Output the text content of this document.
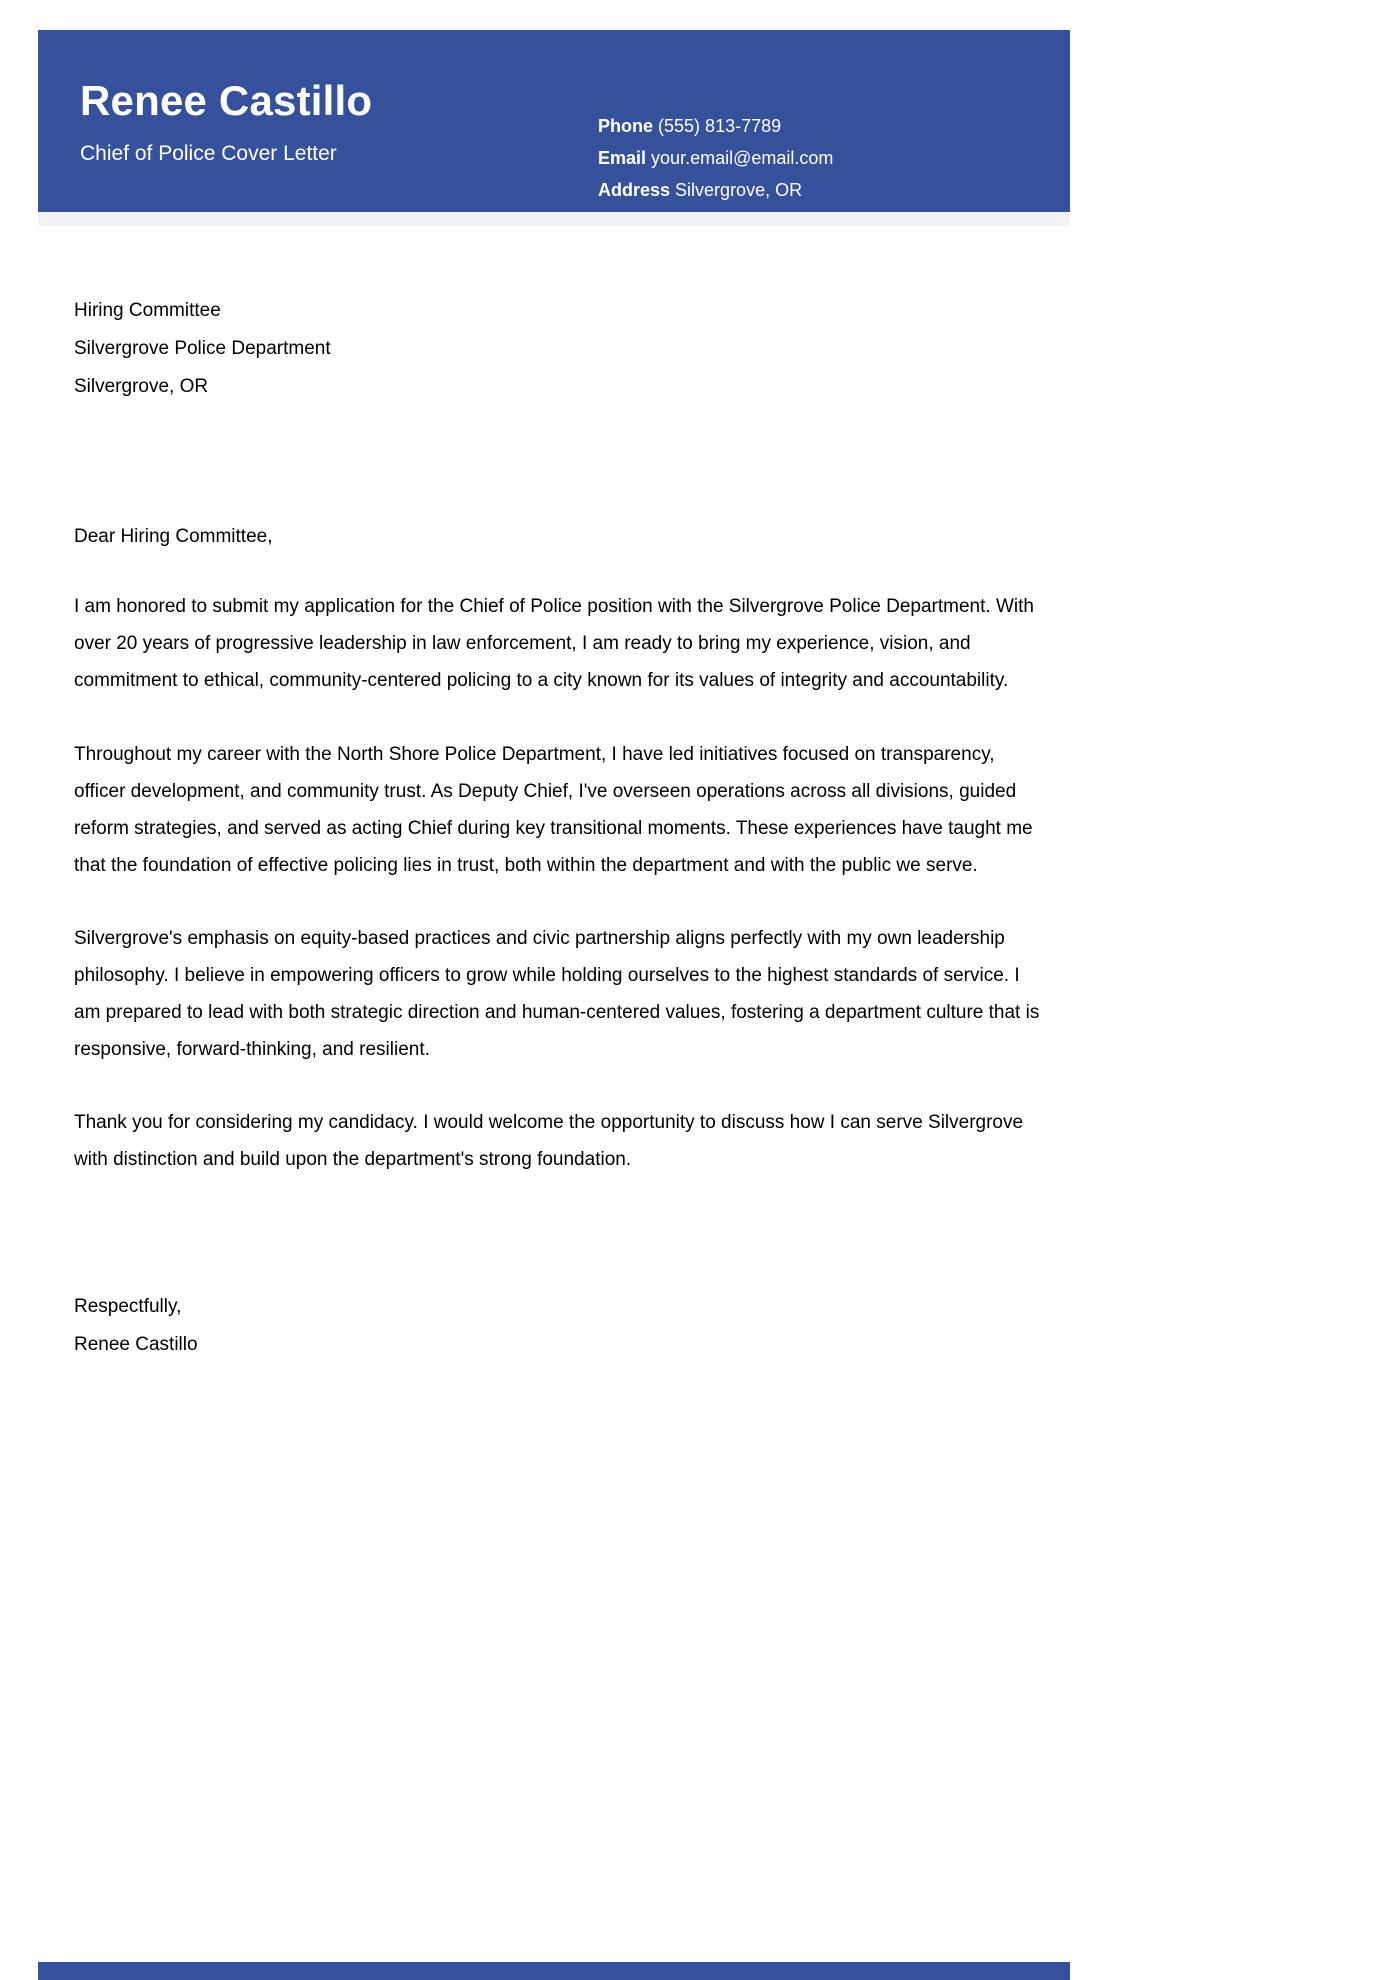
Renee Castillo
Chief of Police Cover Letter
Phone (555) 813-7789
Email your.email@email.com
Address Silvergrove, OR
Hiring Committee
Silvergrove Police Department
Silvergrove, OR
Dear Hiring Committee,
I am honored to submit my application for the Chief of Police position with the Silvergrove Police Department. With over 20 years of progressive leadership in law enforcement, I am ready to bring my experience, vision, and commitment to ethical, community-centered policing to a city known for its values of integrity and accountability.
Throughout my career with the North Shore Police Department, I have led initiatives focused on transparency, officer development, and community trust. As Deputy Chief, I've overseen operations across all divisions, guided reform strategies, and served as acting Chief during key transitional moments. These experiences have taught me that the foundation of effective policing lies in trust, both within the department and with the public we serve.
Silvergrove's emphasis on equity-based practices and civic partnership aligns perfectly with my own leadership philosophy. I believe in empowering officers to grow while holding ourselves to the highest standards of service. I am prepared to lead with both strategic direction and human-centered values, fostering a department culture that is responsive, forward-thinking, and resilient.
Thank you for considering my candidacy. I would welcome the opportunity to discuss how I can serve Silvergrove with distinction and build upon the department's strong foundation.
Respectfully,
Renee Castillo
